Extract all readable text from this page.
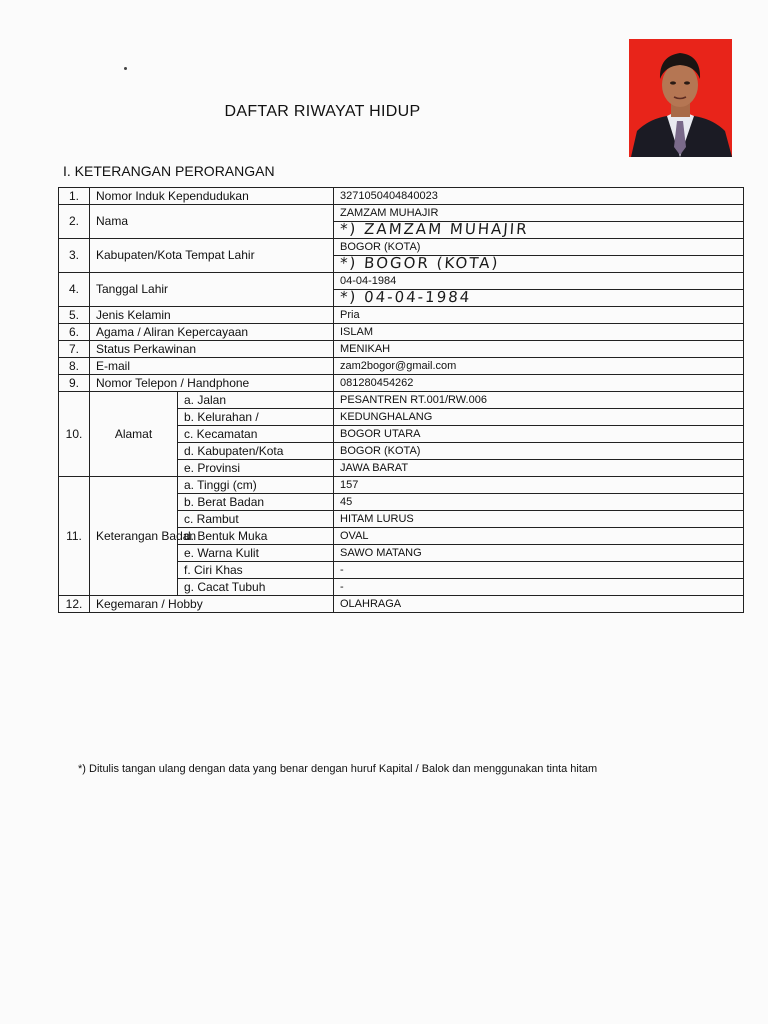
DAFTAR RIWAYAT HIDUP
I. KETERANGAN PERORANGAN
1.	Nomor Induk Kependudukan		3271050404840023
2.	Nama		ZAMZAM MUHAJIR
			*) ZAMZAM MUHAJIR
3.	Kabupaten/Kota Tempat Lahir		BOGOR (KOTA)
			*) BOGOR (KOTA)
4.	Tanggal Lahir		04-04-1984
			*) 04-04-1984
5.	Jenis Kelamin		Pria
6.	Agama / Aliran Kepercayaan		ISLAM
7.	Status Perkawinan		MENIKAH
8.	E-mail		zam2bogor@gmail.com
9.	Nomor Telepon / Handphone		081280454262
10.	Alamat	a. Jalan	PESANTREN RT.001/RW.006
		b. Kelurahan /	KEDUNGHALANG
		c. Kecamatan	BOGOR UTARA
		d. Kabupaten/Kota	BOGOR (KOTA)
		e. Provinsi	JAWA BARAT
11.	Keterangan Badan	a. Tinggi (cm)	157
		b. Berat Badan	45
		c. Rambut	HITAM LURUS
		d. Bentuk Muka	OVAL
		e. Warna Kulit	SAWO MATANG
		f. Ciri Khas	-
		g. Cacat Tubuh	-
12.	Kegemaran / Hobby		OLAHRAGA
*) Ditulis tangan ulang dengan data yang benar dengan huruf Kapital / Balok dan menggunakan tinta hitam
